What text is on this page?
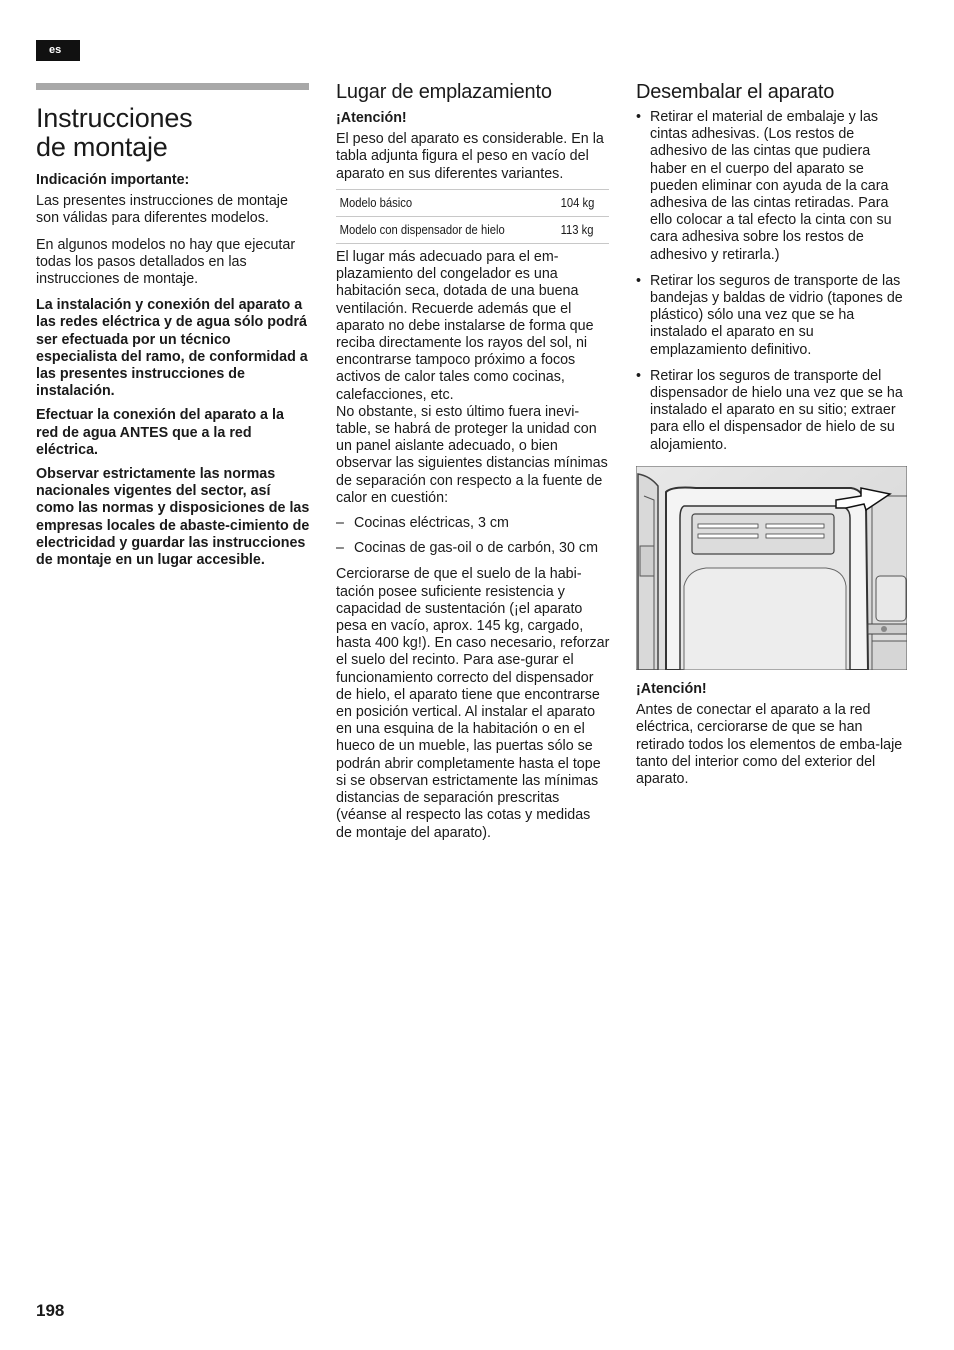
es
Instrucciones
de montaje

Indicación importante:

Las presentes instrucciones de montaje son válidas para diferentes modelos.

En algunos modelos no hay que ejecutar todas los pasos detallados en las instrucciones de montaje.

La instalación y conexión del aparato a las redes eléctrica y de agua sólo podrá ser efectuada por un técnico especialista del ramo, de conformidad a las presentes instrucciones de instalación.

Efectuar la conexión del aparato a la red de agua ANTES que a la red eléctrica.

Observar estrictamente las normas nacionales vigentes del sector, así como las normas y disposiciones de las empresas locales de abaste-cimiento de electricidad y guardar las instrucciones de montaje en un lugar accesible.

Lugar de emplazamiento

¡Atención!

El peso del aparato es considerable. En la tabla adjunta figura el peso en vacío del aparato en sus diferentes variantes.

Modelo básico	104 kg
Modelo con dispensador de hielo	113 kg

El lugar más adecuado para el em-plazamiento del congelador es una habitación seca, dotada de una buena ventilación. Recuerde además que el aparato no debe instalarse de forma que reciba directamente los rayos del sol, ni encontrarse tampoco próximo a focos activos de calor tales como cocinas, calefacciones, etc.

No obstante, si esto último fuera inevi-table, se habrá de proteger la unidad con un panel aislante adecuado, o bien observar las siguientes distancias mínimas de separación con respecto a la fuente de calor en cuestión:

– Cocinas eléctricas, 3 cm
– Cocinas de gas-oil o de carbón, 30 cm

Cerciorarse de que el suelo de la habi-tación posee suficiente resistencia y capacidad de sustentación (¡el aparato pesa en vacío, aprox. 145 kg, cargado, hasta 400 kg!). En caso necesario, reforzar el suelo del recinto. Para ase-gurar el funcionamiento correcto del dispensador de hielo, el aparato tiene que encontrarse en posición vertical. Al instalar el aparato en una esquina de la habitación o en el hueco de un mueble, las puertas sólo se podrán abrir completamente hasta el tope si se observan estrictamente las mínimas distancias de separación prescritas (véanse al respecto las cotas y medidas de montaje del aparato).

Desembalar el aparato
• Retirar el material de embalaje y las cintas adhesivas. (Los restos de adhesivo de las cintas que pudiera haber en el cuerpo del aparato se pueden eliminar con ayuda de la cara adhesiva de las cintas retiradas. Para ello colocar a tal efecto la cinta con su cara adhesiva sobre los restos de adhesivo y retirarla.)
• Retirar los seguros de transporte de las bandejas y baldas de vidrio (tapones de plástico) sólo una vez que se ha instalado el aparato en su emplazamiento definitivo.
• Retirar los seguros de transporte del dispensador de hielo una vez que se ha instalado el aparato en su sitio; extraer para ello el dispensador de hielo de su alojamiento.

¡Atención!

Antes de conectar el aparato a la red eléctrica, cerciorarse de que se han retirado todos los elementos de emba-laje tanto del interior como del exterior del aparato.

198
